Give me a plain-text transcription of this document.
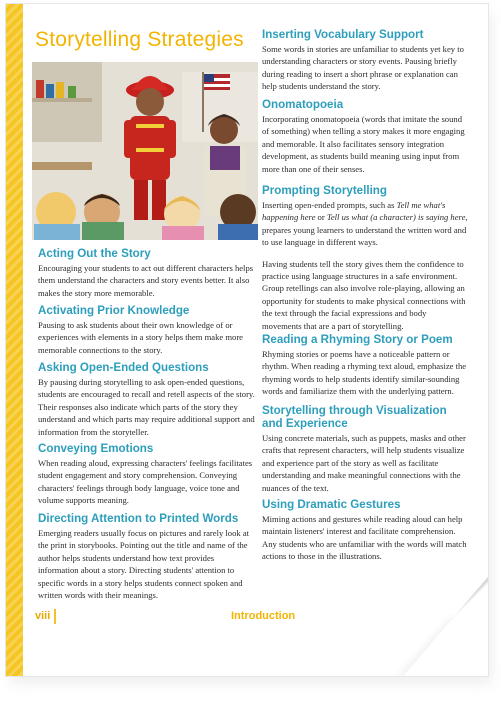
Storytelling Strategies
Acting Out the Story
Encouraging your students to act out different characters helps them understand the characters and story events better. It also makes the story more memorable.
Activating Prior Knowledge
Pausing to ask students about their own knowledge of or experiences with elements in a story helps them make more memorable connections to the story.
Asking Open-Ended Questions
By pausing during storytelling to ask open-ended questions, students are encouraged to recall and retell aspects of the story. Their responses also indicate which parts of the story they understand and which parts may require additional support and information from the storyteller.
Conveying Emotions
When reading aloud, expressing characters' feelings facilitates student engagement and story comprehension. Conveying characters' feelings through body language, voice tone and volume supports meaning.
Directing Attention to Printed Words
Emerging readers usually focus on pictures and rarely look at the print in storybooks. Pointing out the title and name of the author helps students understand how text provides information about a story. Directing students' attention to specific words in a story helps students connect spoken and written words with their meanings.
Inserting Vocabulary Support
Some words in stories are unfamiliar to students yet key to understanding characters or story events. Pausing briefly during reading to insert a short phrase or explanation can help students understand the story.
Onomatopoeia
Incorporating onomatopoeia (words that imitate the sound of something) when telling a story makes it more engaging and memorable. It also facilitates sensory integration development, as students build meaning using input from more than one of their senses.
Prompting Storytelling
Inserting open-ended prompts, such as Tell me what's happening here or Tell us what (a character) is saying here, prepares young learners to understand the written word and to use language in different ways.
Having students tell the story gives them the confidence to practice using language structures in a safe environment. Group retellings can also involve role-playing, allowing an opportunity for students to make physical connections with the text through the facial expressions and body movements that are a part of storytelling.
Reading a Rhyming Story or Poem
Rhyming stories or poems have a noticeable pattern or rhythm. When reading a rhyming text aloud, emphasize the rhyming words to help students identify similar-sounding words and familiarize them with the underlying pattern.
Storytelling through Visualization and Experience
Using concrete materials, such as puppets, masks and other crafts that represent characters, will help students visualize and experience part of the story as well as facilitate understanding and make meaningful connections with the nuances of the text.
Using Dramatic Gestures
Miming actions and gestures while reading aloud can help maintain listeners' interest and facilitate comprehension. Any students who are unfamiliar with the words will match actions to those in the illustrations.
viii	Introduction
